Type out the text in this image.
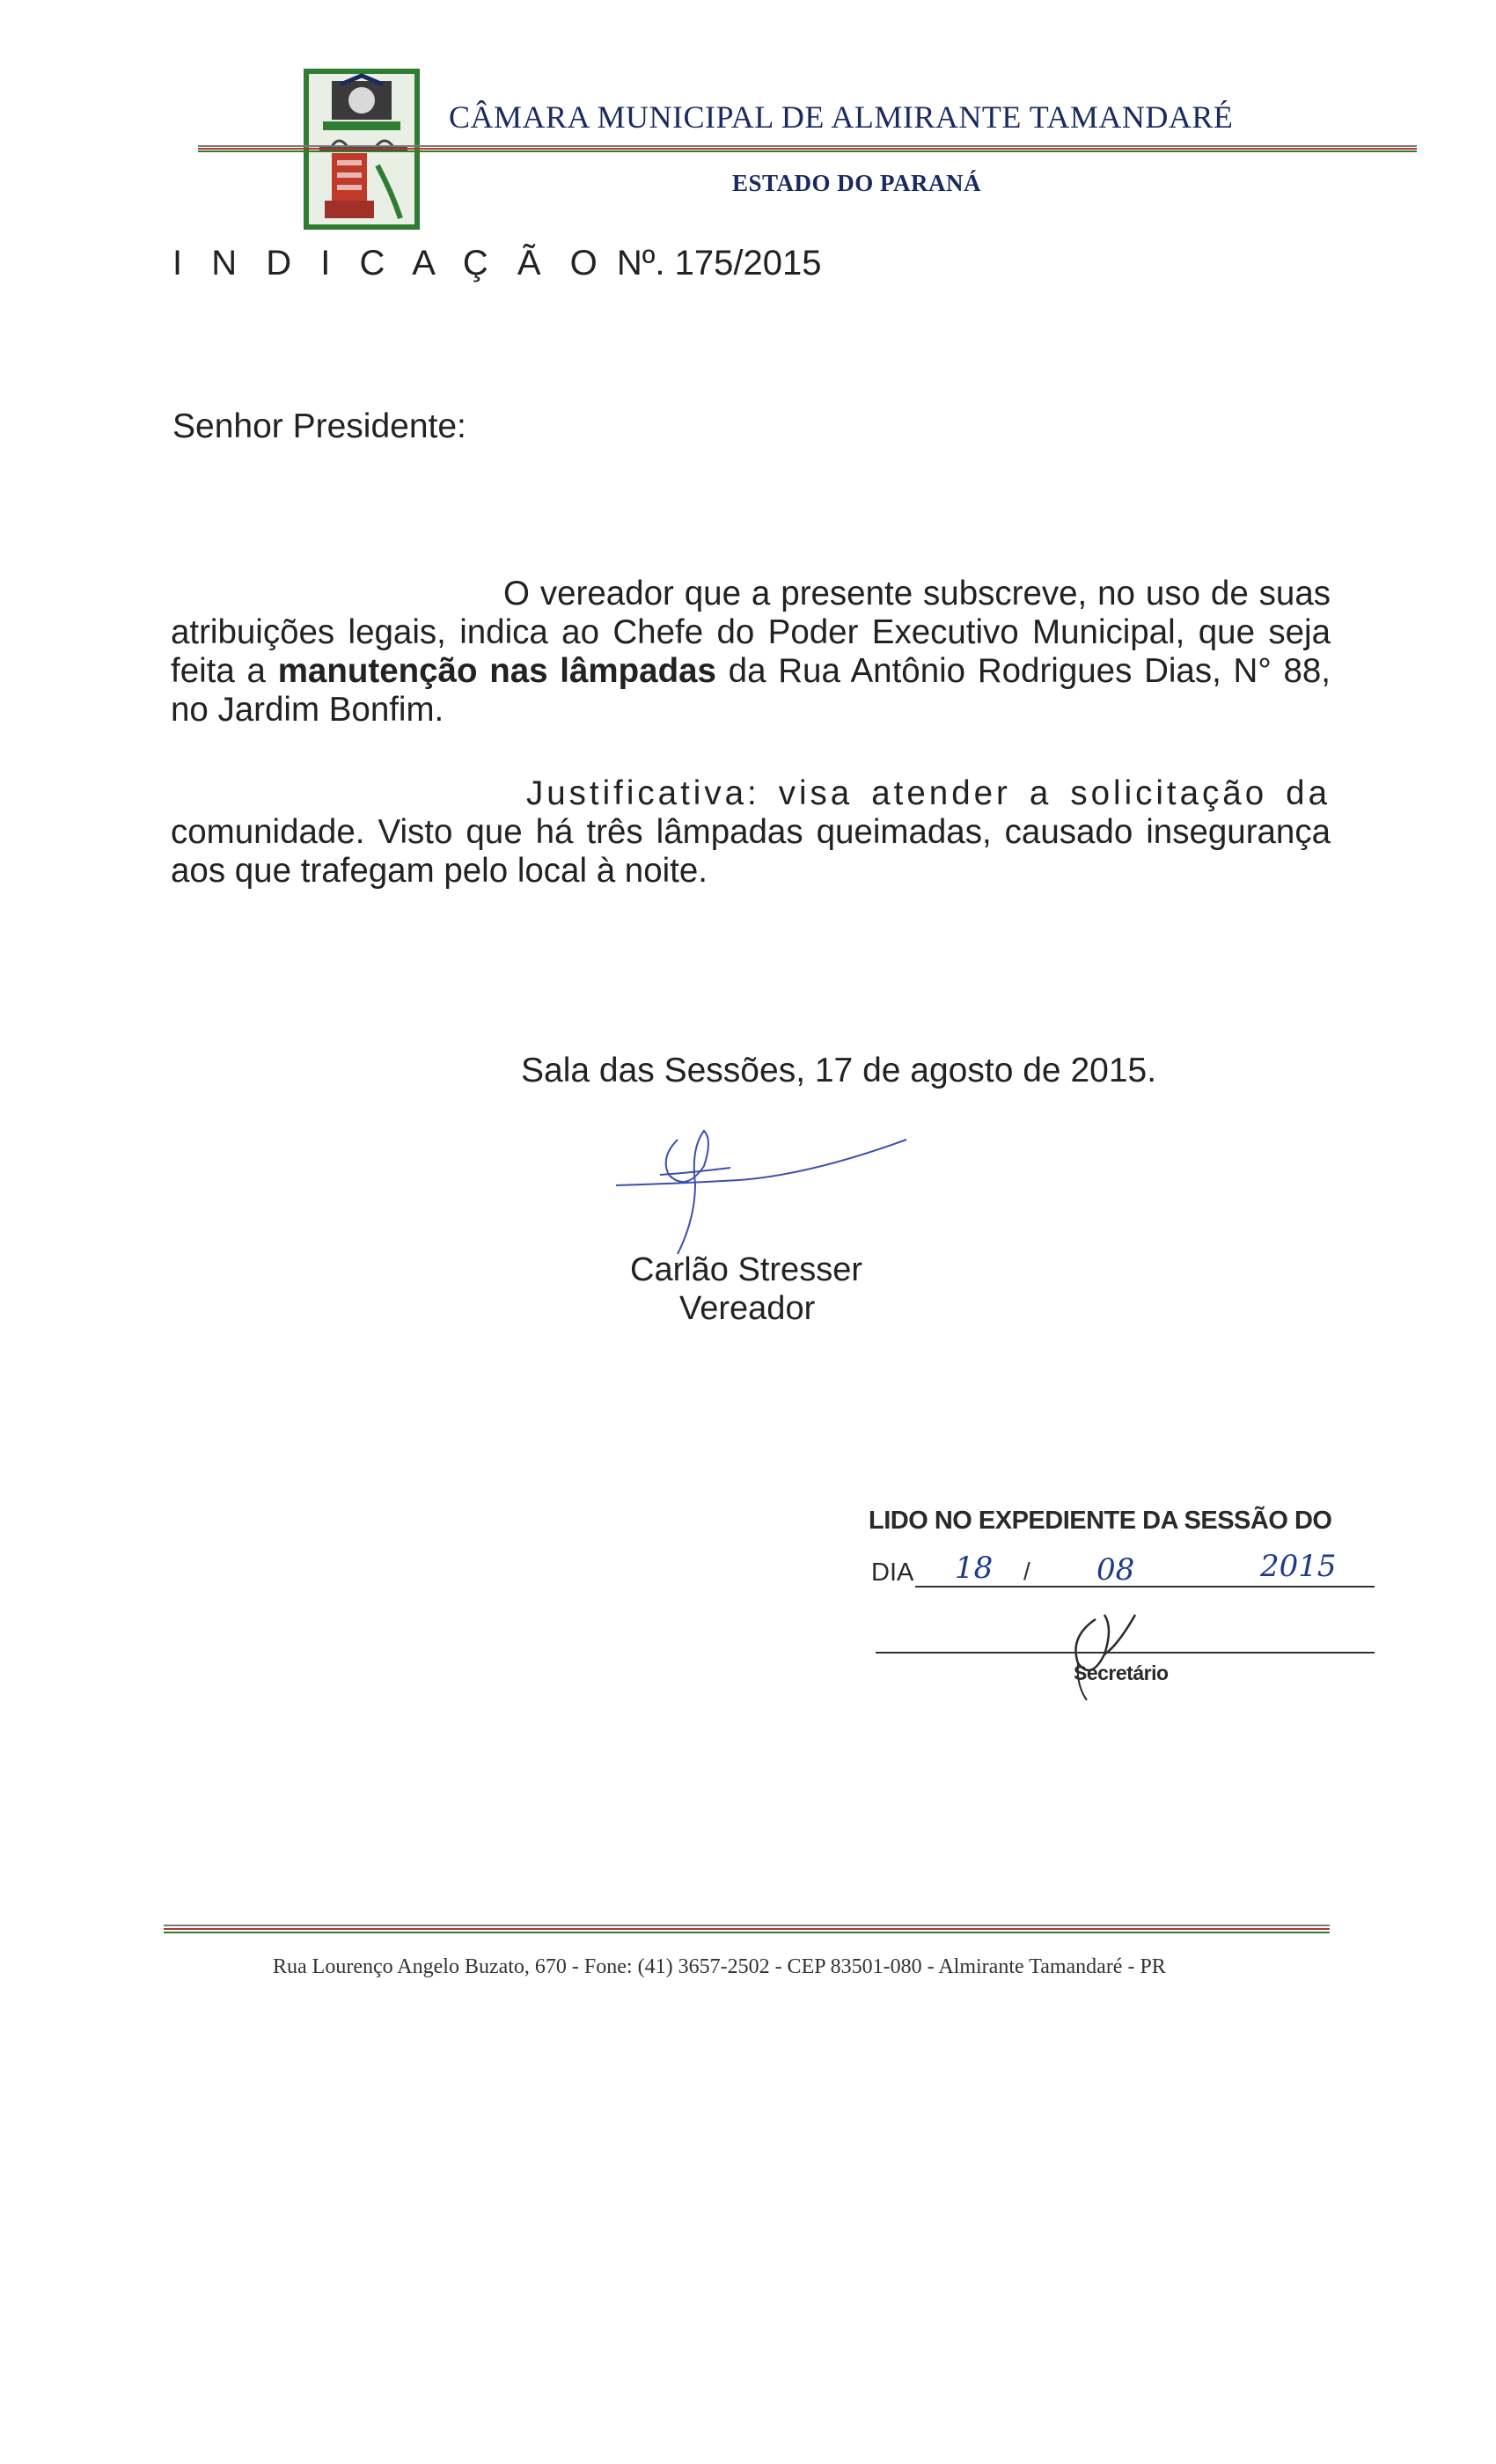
CÂMARA MUNICIPAL DE ALMIRANTE TAMANDARÉ
ESTADO DO PARANÁ
I N D I C A Ç Ã O Nº. 175/2015
Senhor Presidente:
O vereador que a presente subscreve, no uso de suas atribuições legais, indica ao Chefe do Poder Executivo Municipal, que seja feita a manutenção nas lâmpadas da Rua Antônio Rodrigues Dias, N° 88, no Jardim Bonfim.
Justificativa: visa atender a solicitação da comunidade. Visto que há três lâmpadas queimadas, causado insegurança aos que trafegam pelo local à noite.
Sala das Sessões, 17 de agosto de 2015.
Carlão Stresser
Vereador
LIDO NO EXPEDIENTE DA SESSÃO DO
DIA 18 / 08	2015
Secretário
Rua Lourenço Angelo Buzato, 670 - Fone: (41) 3657-2502 - CEP 83501-080 - Almirante Tamandaré - PR
